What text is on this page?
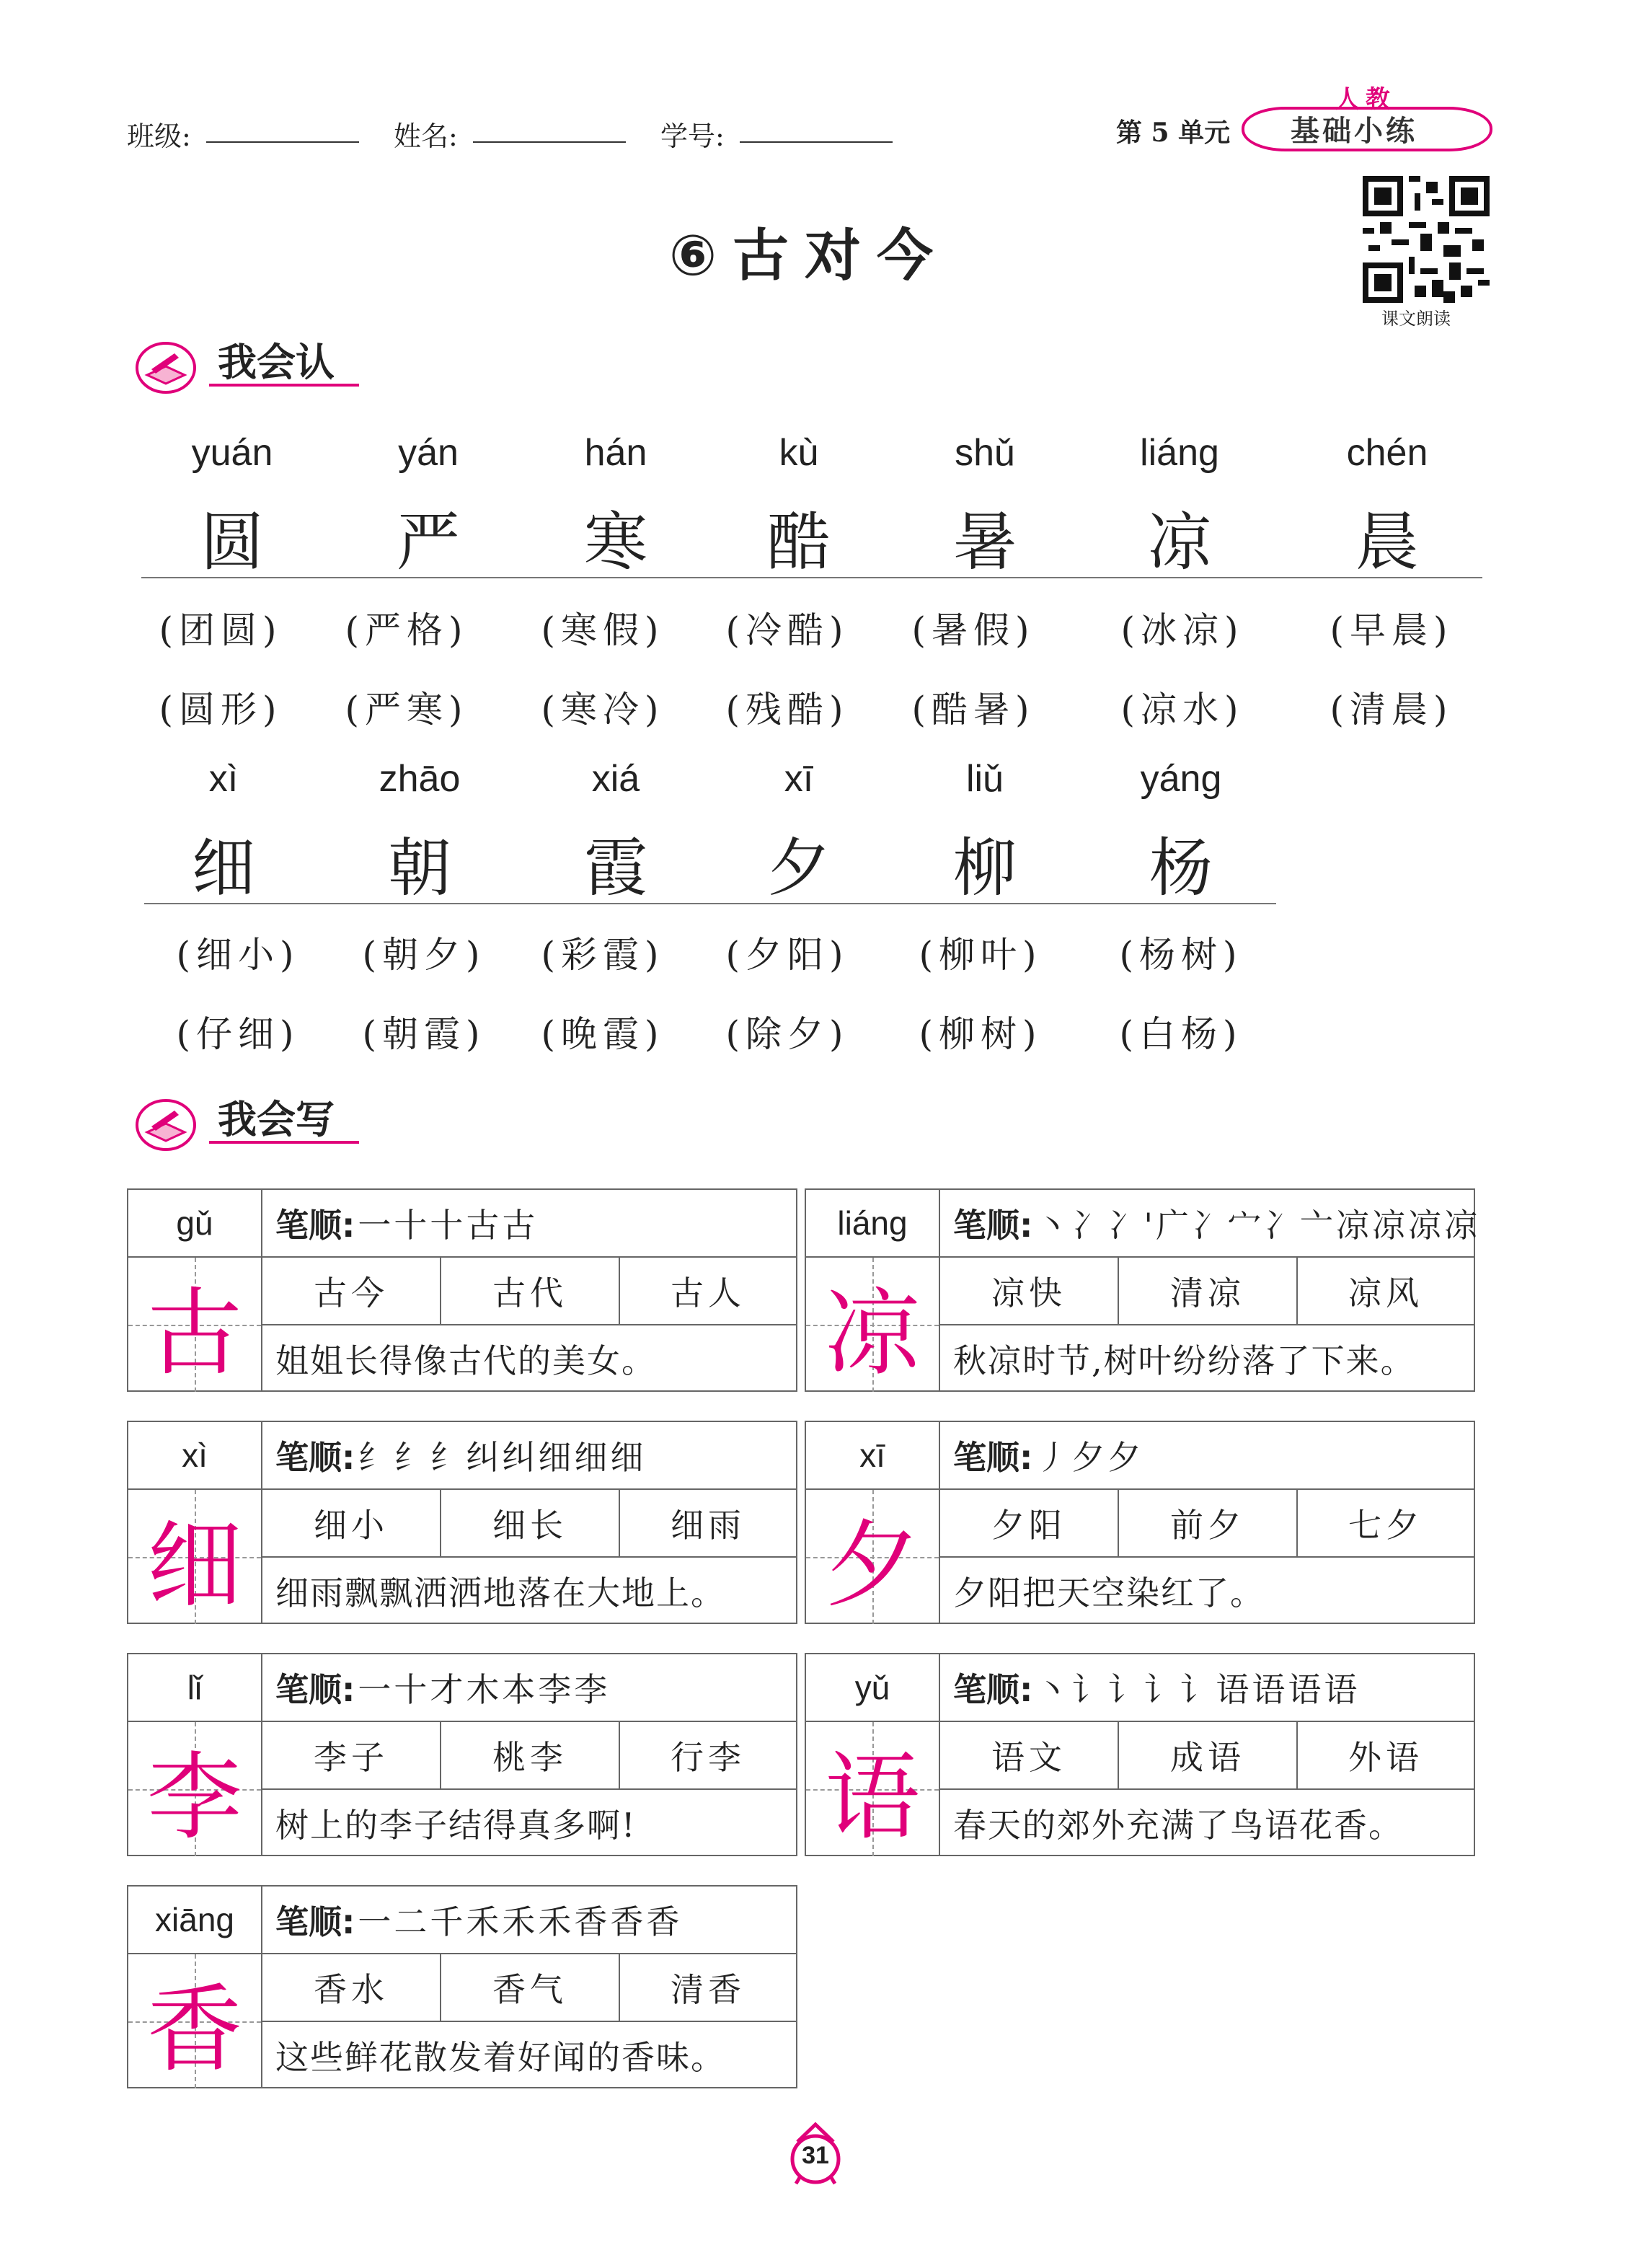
班级:	姓名:	学号:	第 5 单元
人教
基础小练
⑥古对今
课文朗读
我会认
yuán	yán	hán	kù	shǔ	liáng	chén
圆	严	寒	酷	暑	凉	晨
(团圆)	(严格)	(寒假)	(冷酷)	(暑假)	(冰凉)	(早晨)
(圆形)	(严寒)	(寒冷)	(残酷)	(酷暑)	(凉水)	(清晨)
xì	zhāo	xiá	xī	liǔ	yáng
细	朝	霞	夕	柳	杨
(细小)	(朝夕)	(彩霞)	(夕阳)	(柳叶)	(杨树)
(仔细)	(朝霞)	(晚霞)	(除夕)	(柳树)	(白杨)
我会写
gǔ
古
笔顺: 一十十古古
古今	古代	古人
姐姐长得像古代的美女。
liáng
凉
笔顺: 丶冫冫'广冫宀冫亠凉凉凉凉
凉快	清凉	凉风
秋凉时节,树叶纷纷落了下来。
xì
细
笔顺: 纟纟纟纠纠细细细
细小	细长	细雨
细雨飘飘洒洒地落在大地上。
xī
夕
笔顺: 丿夕夕
夕阳	前夕	七夕
夕阳把天空染红了。
lǐ
李
笔顺: 一十才木本李李
李子	桃李	行李
树上的李子结得真多啊!
yǔ
语
笔顺: 丶讠讠讠讠语语语语
语文	成语	外语
春天的郊外充满了鸟语花香。
xiāng
香
笔顺: 一二千禾禾禾香香香
香水	香气	清香
这些鲜花散发着好闻的香味。
31
